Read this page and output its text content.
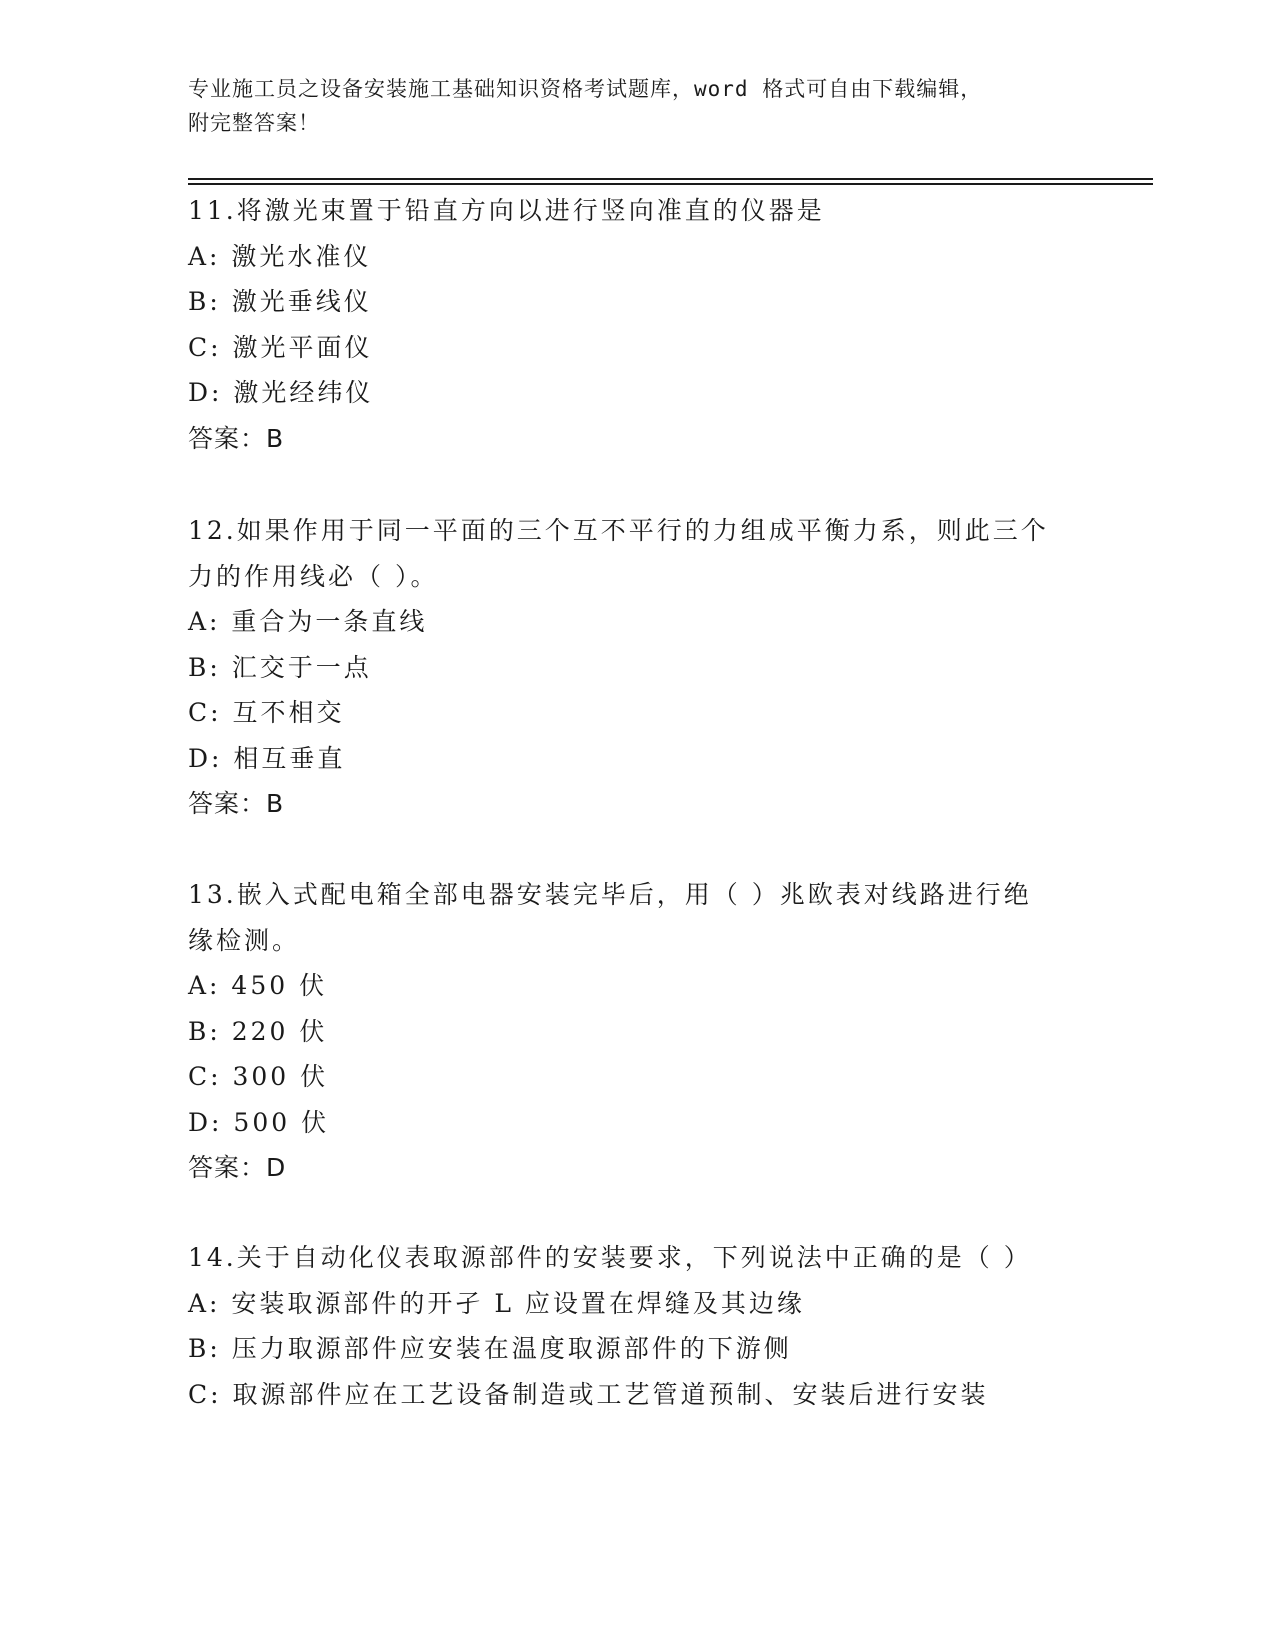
专业施工员之设备安装施工基础知识资格考试题库，word 格式可自由下载编辑，
附完整答案！
11.将激光束置于铅直方向以进行竖向准直的仪器是
A: 激光水准仪
B: 激光垂线仪
C: 激光平面仪
D: 激光经纬仪
答案：B
12.如果作用于同一平面的三个互不平行的力组成平衡力系，则此三个
力的作用线必（ ）。
A: 重合为一条直线
B: 汇交于一点
C: 互不相交
D: 相互垂直
答案：B
13.嵌入式配电箱全部电器安装完毕后，用（ ）兆欧表对线路进行绝
缘检测。
A: 450 伏
B: 220 伏
C: 300 伏
D: 500 伏
答案：D
14.关于自动化仪表取源部件的安装要求，下列说法中正确的是（ ）
A: 安装取源部件的开孑 L 应设置在焊缝及其边缘
B: 压力取源部件应安装在温度取源部件的下游侧
C: 取源部件应在工艺设备制造或工艺管道预制、安装后进行安装
